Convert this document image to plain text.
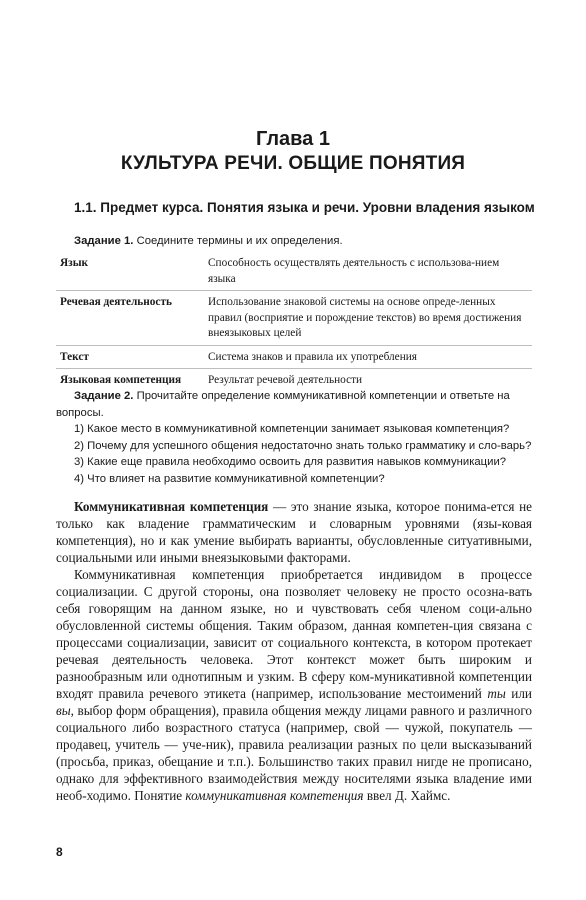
Глава 1
КУЛЬТУРА РЕЧИ. ОБЩИЕ ПОНЯТИЯ
1.1. Предмет курса. Понятия языка и речи. Уровни владения языком
Задание 1. Соедините термины и их определения.
Язык	Способность осуществлять деятельность с использова-нием языка
Речевая деятельность	Использование знаковой системы на основе опреде-ленных правил (восприятие и порождение текстов) во время достижения внеязыковых целей
Текст	Система знаков и правила их употребления
Языковая компетенция	Результат речевой деятельности

Задание 2. Прочитайте определение коммуникативной компетенции и ответьте на вопросы.

1) Какое место в коммуникативной компетенции занимает языковая компетенция?

2) Почему для успешного общения недостаточно знать только грамматику и сло-варь?

3) Какие еще правила необходимо освоить для развития навыков коммуникации?

4) Что влияет на развитие коммуникативной компетенции?

Коммуникативная компетенция — это знание языка, которое понима-ется не только как владение грамматическим и словарным уровнями (язы-ковая компетенция), но и как умение выбирать варианты, обусловленные ситуативными, социальными или иными внеязыковыми факторами.

Коммуникативная компетенция приобретается индивидом в процессе социализации. С другой стороны, она позволяет человеку не просто осозна-вать себя говорящим на данном языке, но и чувствовать себя членом соци-ально обусловленной системы общения. Таким образом, данная компетен-ция связана с процессами социализации, зависит от социального контекста, в котором протекает речевая деятельность человека. Этот контекст может быть широким и разнообразным или однотипным и узким. В сферу ком-муникативной компетенции входят правила речевого этикета (например, использование местоимений ты или вы, выбор форм обращения), правила общения между лицами равного и различного социального либо возрастного статуса (например, свой — чужой, покупатель — продавец, учитель — уче-ник), правила реализации разных по цели высказываний (просьба, приказ, обещание и т.п.). Большинство таких правил нигде не прописано, однако для эффективного взаимодействия между носителями языка владение ими необ-ходимо. Понятие коммуникативная компетенция ввел Д. Хаймс.

8
